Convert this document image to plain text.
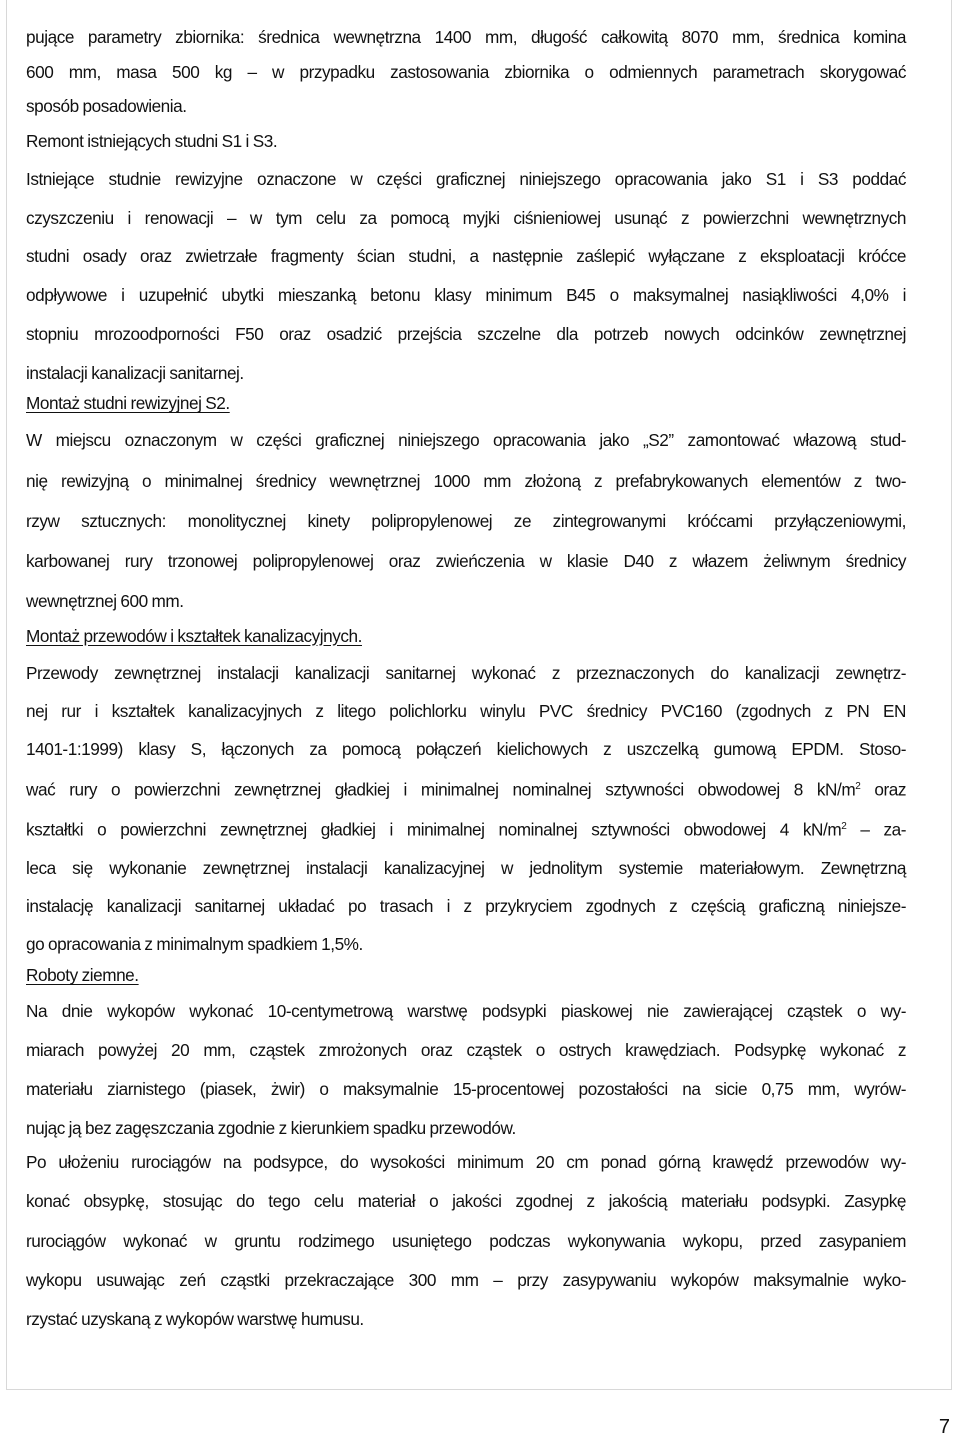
pujące parametry zbiornika: średnica wewnętrzna 1400 mm, długość całkowitą 8070 mm, średnica komina
600 mm, masa 500 kg – w przypadku zastosowania zbiornika o odmiennych parametrach skorygować
sposób posadowienia.
Remont istniejących studni S1 i S3.
Istniejące studnie rewizyjne oznaczone w części graficznej niniejszego opracowania jako S1 i S3 poddać
czyszczeniu i renowacji – w tym celu za pomocą myjki ciśnieniowej usunąć z powierzchni wewnętrznych
studni osady oraz zwietrzałe fragmenty ścian studni, a następnie zaślepić wyłączane z eksploatacji króćce
odpływowe i uzupełnić ubytki mieszanką betonu klasy minimum B45 o maksymalnej nasiąkliwości 4,0% i
stopniu mrozoodporności F50 oraz osadzić przejścia szczelne dla potrzeb nowych odcinków zewnętrznej
instalacji kanalizacji sanitarnej.
Montaż studni rewizyjnej S2.
W miejscu oznaczonym w części graficznej niniejszego opracowania jako „S2” zamontować włazową stud-
nię rewizyjną o minimalnej średnicy wewnętrznej 1000 mm złożoną z prefabrykowanych elementów z two-
rzyw sztucznych: monolitycznej kinety polipropylenowej ze zintegrowanymi króćcami przyłączeniowymi,
karbowanej rury trzonowej polipropylenowej oraz zwieńczenia w klasie D40 z włazem żeliwnym średnicy
wewnętrznej 600 mm.
Montaż przewodów i kształtek kanalizacyjnych.
Przewody zewnętrznej instalacji kanalizacji sanitarnej wykonać z przeznaczonych do kanalizacji zewnętrz-
nej rur i kształtek kanalizacyjnych z litego polichlorku winylu PVC średnicy PVC160 (zgodnych z PN EN
1401-1:1999) klasy S, łączonych za pomocą połączeń kielichowych z uszczelką gumową EPDM. Stoso-
wać rury o powierzchni zewnętrznej gładkiej i minimalnej nominalnej sztywności obwodowej 8 $kN/m^2$ oraz
kształtki o powierzchni zewnętrznej gładkiej i minimalnej nominalnej sztywności obwodowej 4 $kN/m^2 - za-$
leca się wykonanie zewnętrznej instalacji kanalizacyjnej w jednolitym systemie materiałowym. Zewnętrzną
instalację kanalizacji sanitarnej układać po trasach i z przykryciem zgodnych z częścią graficzną niniejsze-
go opracowania z minimalnym spadkiem 1,5%.
Roboty ziemne.
Na dnie wykopów wykonać 10-centymetrową warstwę podsypki piaskowej nie zawierającej cząstek o wy-
miarach powyżej 20 mm, cząstek zmrożonych oraz cząstek o ostrych krawędziach. Podsypkę wykonać z
materiału ziarnistego (piasek, żwir) o maksymalnie 15-procentowej pozostałości na sicie 0,75 mm, wyrów-
nując ją bez zagęszczania zgodnie z kierunkiem spadku przewodów.
Po ułożeniu rurociągów na podsypce, do wysokości minimum 20 cm ponad górną krawędź przewodów wy-
konać obsypkę, stosując do tego celu materiał o jakości zgodnej z jakością materiału podsypki. Zasypkę
rurociągów wykonać w gruntu rodzimego usuniętego podczas wykonywania wykopu, przed zasypaniem
wykopu usuwając zeń cząstki przekraczające 300 mm – przy zasypywaniu wykopów maksymalnie wyko-
rzystać uzyskaną z wykopów warstwę humusu.
7
